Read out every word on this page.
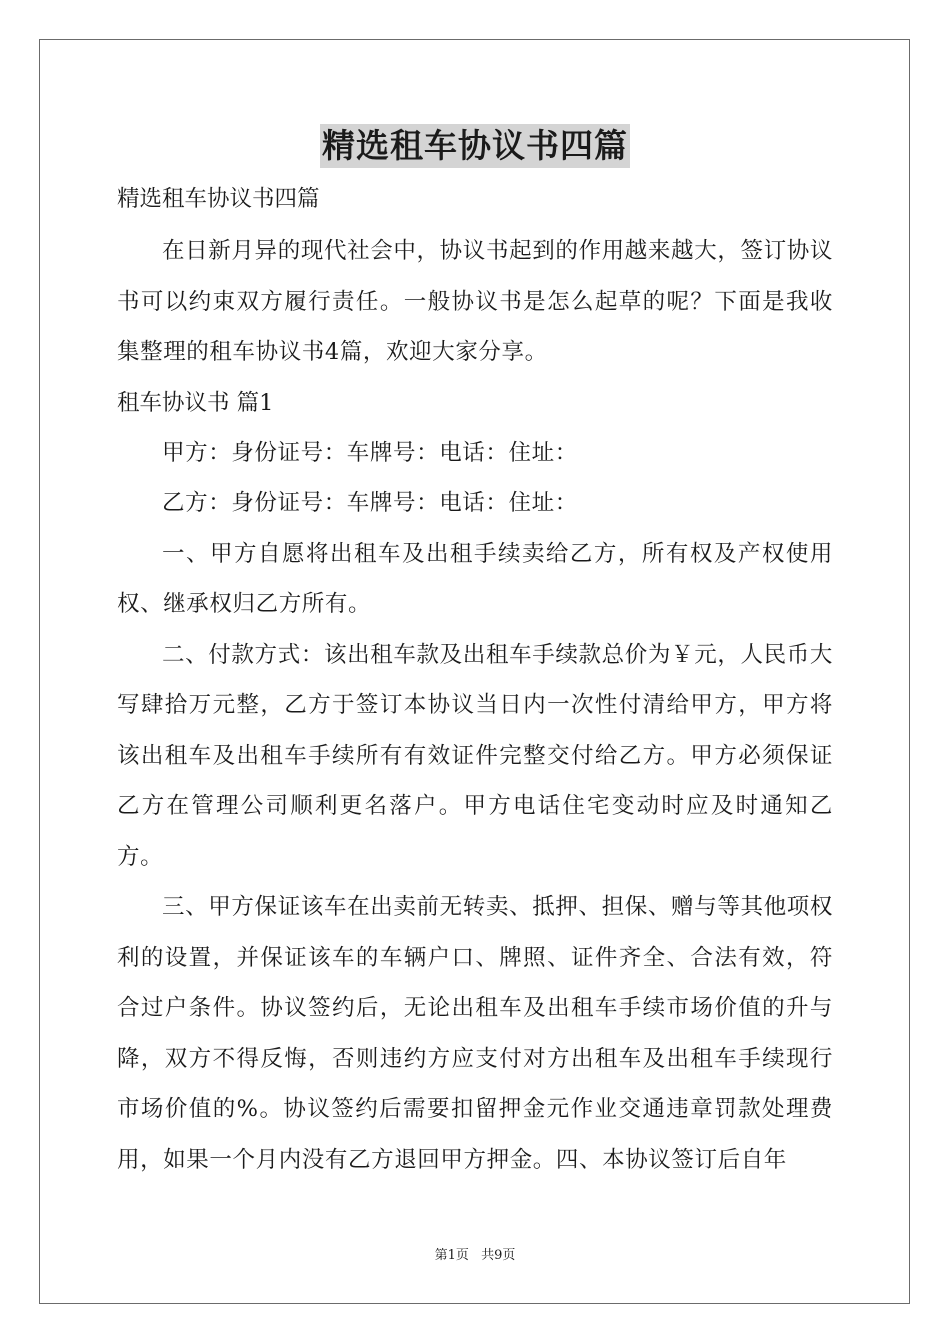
精选租车协议书四篇

精选租车协议书四篇

在日新月异的现代社会中，协议书起到的作用越来越大，签订协议书可以约束双方履行责任。一般协议书是怎么起草的呢？下面是我收集整理的租车协议书4篇，欢迎大家分享。

租车协议书 篇1

甲方：身份证号：车牌号：电话：住址：

乙方：身份证号：车牌号：电话：住址：

一、甲方自愿将出租车及出租手续卖给乙方，所有权及产权使用权、继承权归乙方所有。

二、付款方式：该出租车款及出租车手续款总价为￥元，人民币大写肆拾万元整，乙方于签订本协议当日内一次性付清给甲方，甲方将该出租车及出租车手续所有有效证件完整交付给乙方。甲方必须保证乙方在管理公司顺利更名落户。甲方电话住宅变动时应及时通知乙方。

三、甲方保证该车在出卖前无转卖、抵押、担保、赠与等其他项权利的设置，并保证该车的车辆户口、牌照、证件齐全、合法有效，符合过户条件。协议签约后，无论出租车及出租车手续市场价值的升与降，双方不得反悔，否则违约方应支付对方出租车及出租车手续现行市场价值的%。协议签约后需要扣留押金元作业交通违章罚款处理费用，如果一个月内没有乙方退回甲方押金。四、本协议签订后自年

第1页 共9页
